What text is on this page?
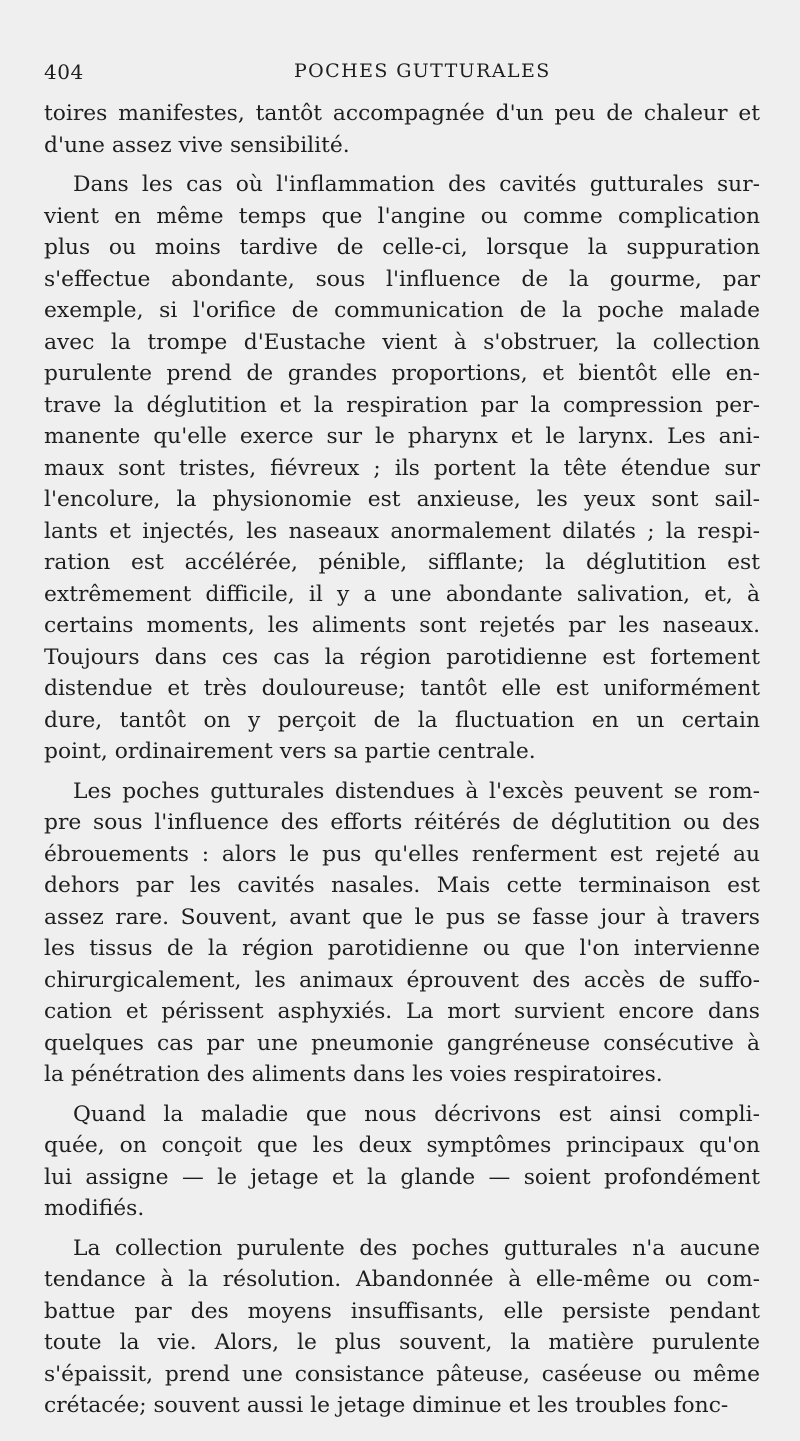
404	POCHES GUTTURALES
toires manifestes, tantôt accompagnée d'un peu de chaleur et
d'une assez vive sensibilité.
Dans les cas où l'inflammation des cavités gutturales sur-
vient en même temps que l'angine ou comme complication
plus ou moins tardive de celle-ci, lorsque la suppuration
s'effectue abondante, sous l'influence de la gourme, par
exemple, si l'orifice de communication de la poche malade
avec la trompe d'Eustache vient à s'obstruer, la collection
purulente prend de grandes proportions, et bientôt elle en-
trave la déglutition et la respiration par la compression per-
manente qu'elle exerce sur le pharynx et le larynx. Les ani-
maux sont tristes, fiévreux ; ils portent la tête étendue sur
l'encolure, la physionomie est anxieuse, les yeux sont sail-
lants et injectés, les naseaux anormalement dilatés ; la respi-
ration est accélérée, pénible, sifflante; la déglutition est
extrêmement difficile, il y a une abondante salivation, et, à
certains moments, les aliments sont rejetés par les naseaux.
Toujours dans ces cas la région parotidienne est fortement
distendue et très douloureuse; tantôt elle est uniformément
dure, tantôt on y perçoit de la fluctuation en un certain
point, ordinairement vers sa partie centrale.
Les poches gutturales distendues à l'excès peuvent se rom-
pre sous l'influence des efforts réitérés de déglutition ou des
ébrouements : alors le pus qu'elles renferment est rejeté au
dehors par les cavités nasales. Mais cette terminaison est
assez rare. Souvent, avant que le pus se fasse jour à travers
les tissus de la région parotidienne ou que l'on intervienne
chirurgicalement, les animaux éprouvent des accès de suffo-
cation et périssent asphyxiés. La mort survient encore dans
quelques cas par une pneumonie gangréneuse consécutive à
la pénétration des aliments dans les voies respiratoires.
Quand la maladie que nous décrivons est ainsi compli-
quée, on conçoit que les deux symptômes principaux qu'on
lui assigne — le jetage et la glande — soient profondément
modifiés.
La collection purulente des poches gutturales n'a aucune
tendance à la résolution. Abandonnée à elle-même ou com-
battue par des moyens insuffisants, elle persiste pendant
toute la vie. Alors, le plus souvent, la matière purulente
s'épaissit, prend une consistance pâteuse, caséeuse ou même
crétacée; souvent aussi le jetage diminue et les troubles fonc-
